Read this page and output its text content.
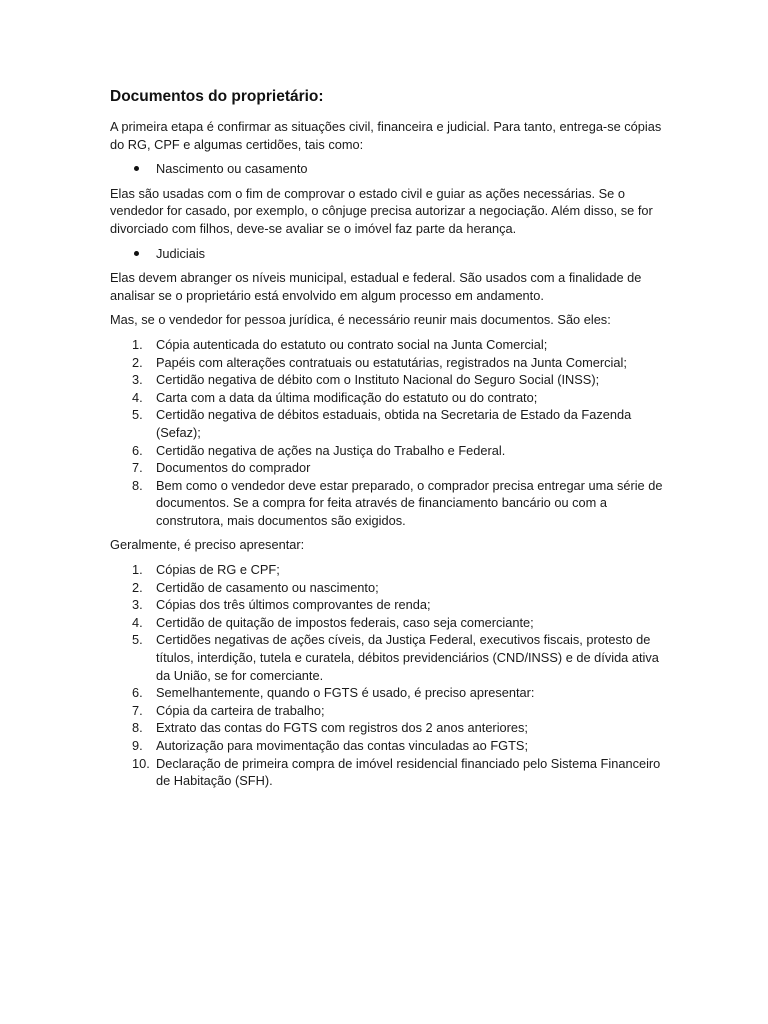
Documentos do proprietário:

A primeira etapa é confirmar as situações civil, financeira e judicial. Para tanto, entrega-se cópias do RG, CPF e algumas certidões, tais como:

Nascimento ou casamento

Elas são usadas com o fim de comprovar o estado civil e guiar as ações necessárias. Se o vendedor for casado, por exemplo, o cônjuge precisa autorizar a negociação. Além disso, se for divorciado com filhos, deve-se avaliar se o imóvel faz parte da herança.

Judiciais

Elas devem abranger os níveis municipal, estadual e federal. São usados com a finalidade de analisar se o proprietário está envolvido em algum processo em andamento.

Mas, se o vendedor for pessoa jurídica, é necessário reunir mais documentos. São eles:

1. Cópia autenticada do estatuto ou contrato social na Junta Comercial;
2. Papéis com alterações contratuais ou estatutárias, registrados na Junta Comercial;
3. Certidão negativa de débito com o Instituto Nacional do Seguro Social (INSS);
4. Carta com a data da última modificação do estatuto ou do contrato;
5. Certidão negativa de débitos estaduais, obtida na Secretaria de Estado da Fazenda (Sefaz);
6. Certidão negativa de ações na Justiça do Trabalho e Federal.
7. Documentos do comprador
8. Bem como o vendedor deve estar preparado, o comprador precisa entregar uma série de documentos. Se a compra for feita através de financiamento bancário ou com a construtora, mais documentos são exigidos.

Geralmente, é preciso apresentar:

1. Cópias de RG e CPF;
2. Certidão de casamento ou nascimento;
3. Cópias dos três últimos comprovantes de renda;
4. Certidão de quitação de impostos federais, caso seja comerciante;
5. Certidões negativas de ações cíveis, da Justiça Federal, executivos fiscais, protesto de títulos, interdição, tutela e curatela, débitos previdenciários (CND/INSS) e de dívida ativa da União, se for comerciante.
6. Semelhantemente, quando o FGTS é usado, é preciso apresentar:
7. Cópia da carteira de trabalho;
8. Extrato das contas do FGTS com registros dos 2 anos anteriores;
9. Autorização para movimentação das contas vinculadas ao FGTS;
10. Declaração de primeira compra de imóvel residencial financiado pelo Sistema Financeiro de Habitação (SFH).
